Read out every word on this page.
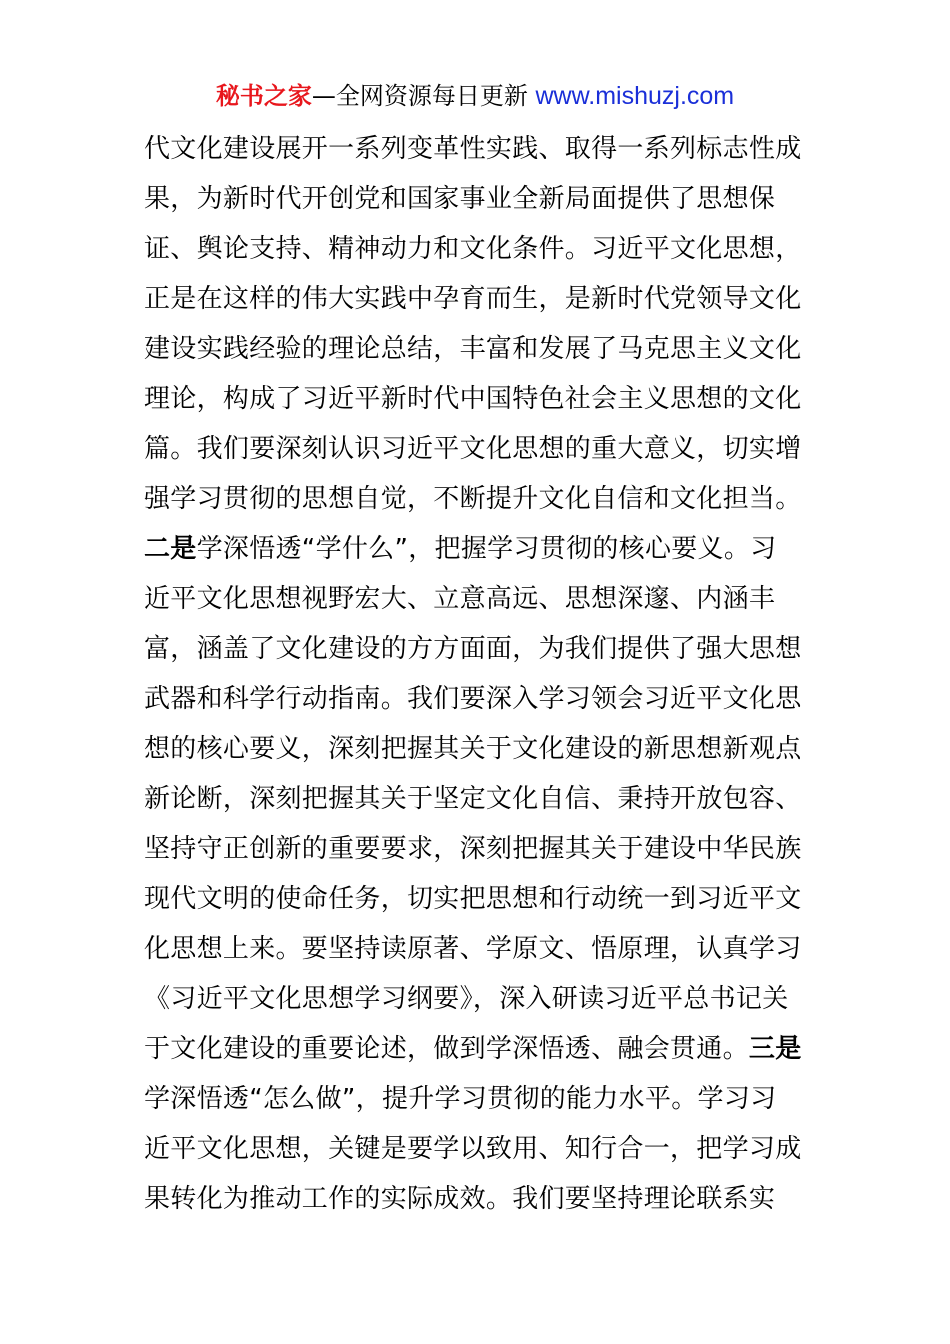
秘书之家—全网资源每日更新 www.mishuzj.com
代文化建设展开一系列变革性实践、取得一系列标志性成
果，为新时代开创党和国家事业全新局面提供了思想保
证、舆论支持、精神动力和文化条件。习近平文化思想，
正是在这样的伟大实践中孕育而生，是新时代党领导文化
建设实践经验的理论总结，丰富和发展了马克思主义文化
理论，构成了习近平新时代中国特色社会主义思想的文化
篇。我们要深刻认识习近平文化思想的重大意义，切实增
强学习贯彻的思想自觉，不断提升文化自信和文化担当。
二是学深悟透“学什么”，把握学习贯彻的核心要义。习
近平文化思想视野宏大、立意高远、思想深邃、内涵丰
富，涵盖了文化建设的方方面面，为我们提供了强大思想
武器和科学行动指南。我们要深入学习领会习近平文化思
想的核心要义，深刻把握其关于文化建设的新思想新观点
新论断，深刻把握其关于坚定文化自信、秉持开放包容、
坚持守正创新的重要要求，深刻把握其关于建设中华民族
现代文明的使命任务，切实把思想和行动统一到习近平文
化思想上来。要坚持读原著、学原文、悟原理，认真学习
《习近平文化思想学习纲要》，深入研读习近平总书记关
于文化建设的重要论述，做到学深悟透、融会贯通。三是
学深悟透“怎么做”，提升学习贯彻的能力水平。学习习
近平文化思想，关键是要学以致用、知行合一，把学习成
果转化为推动工作的实际成效。我们要坚持理论联系实
